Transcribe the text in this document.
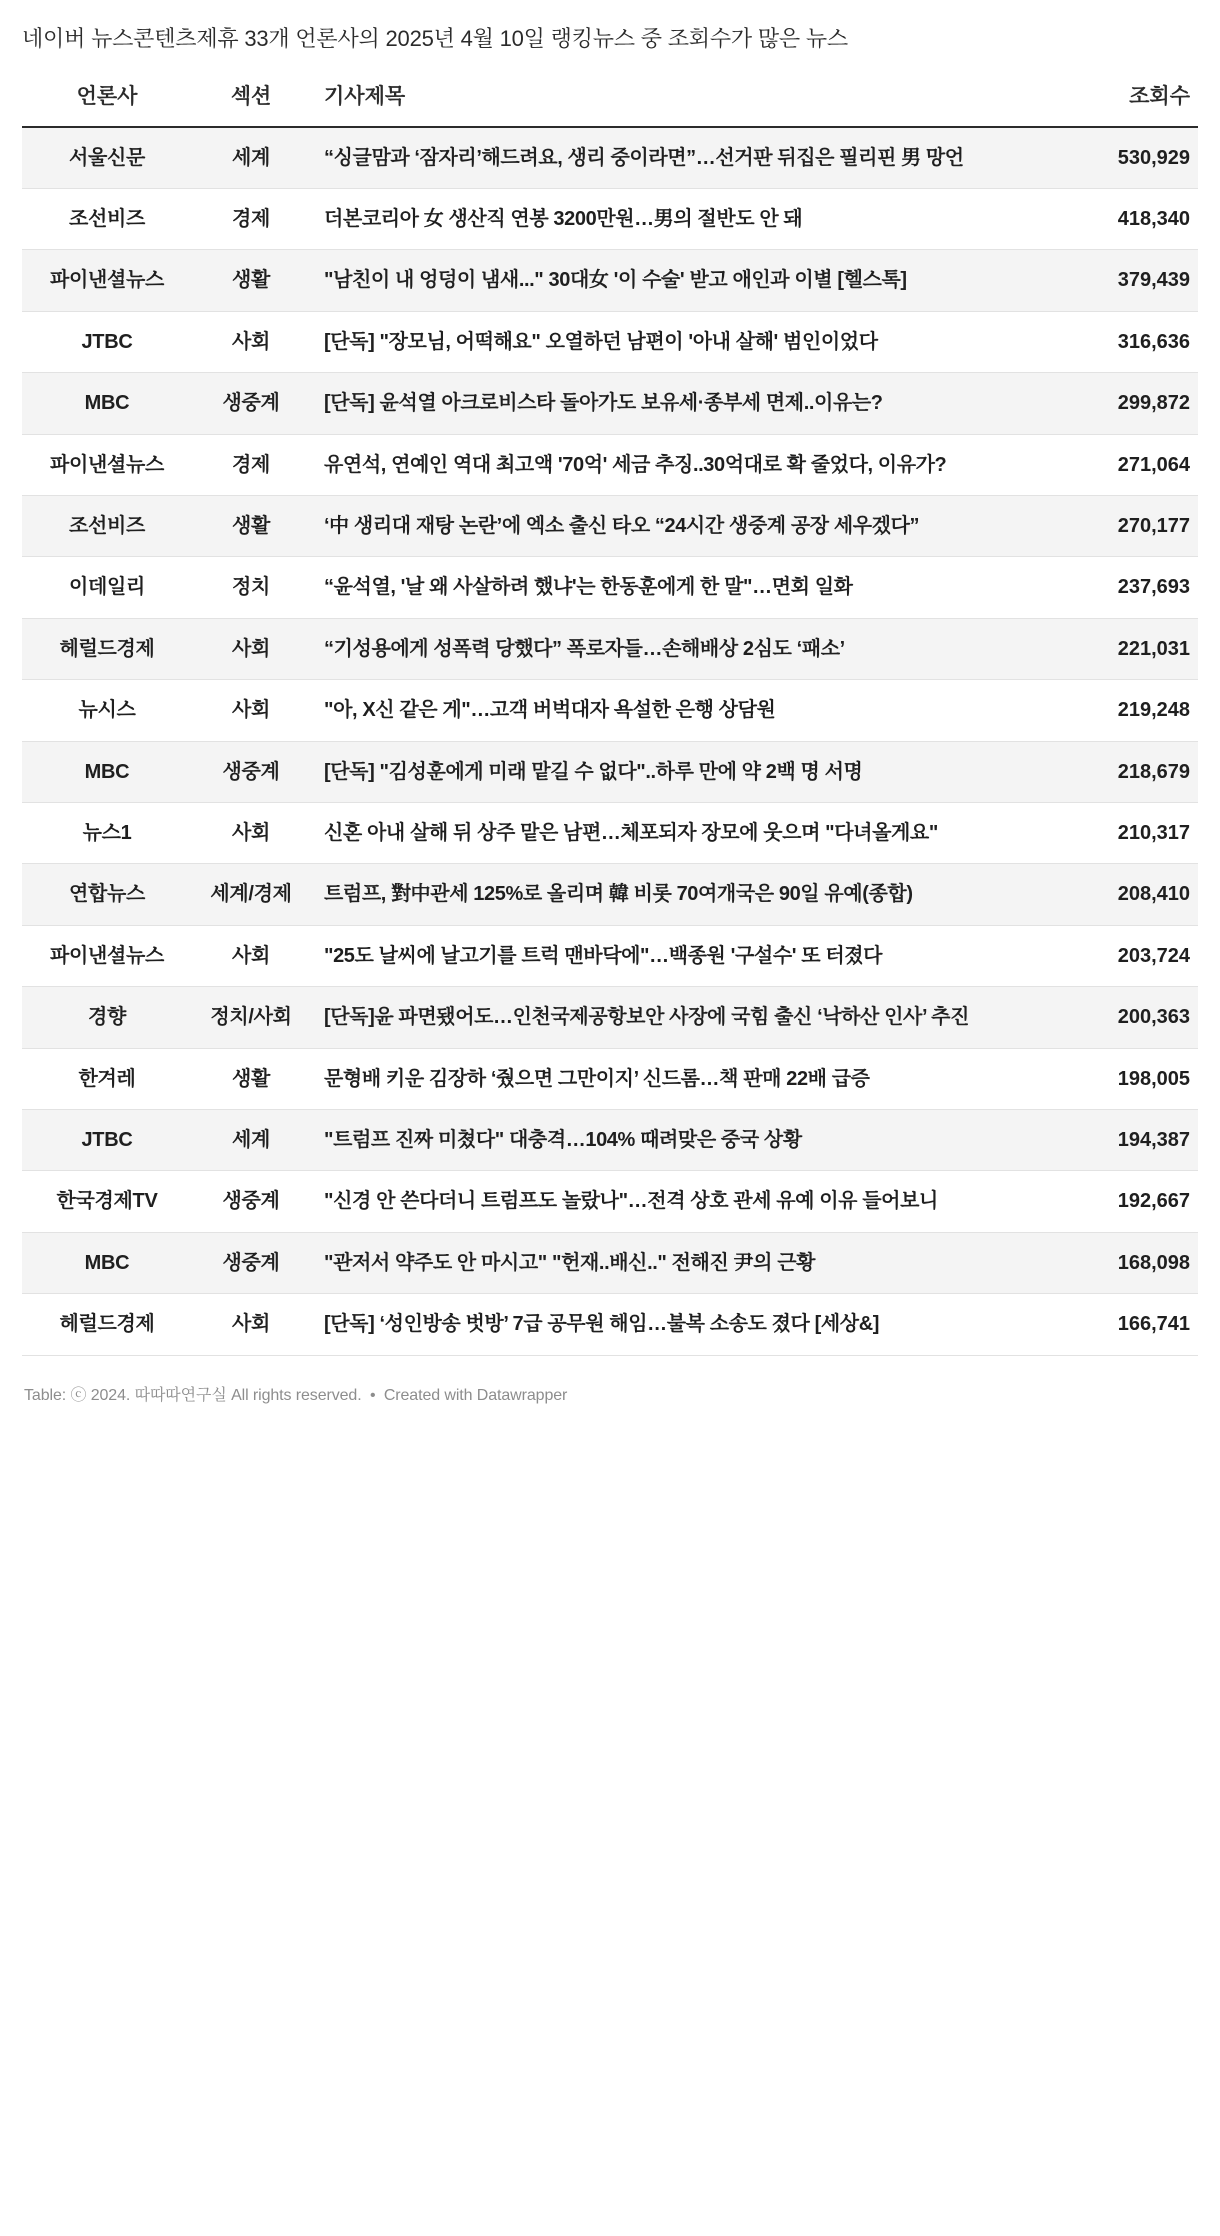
네이버 뉴스콘텐츠제휴 33개 언론사의 2025년 4월 10일 랭킹뉴스 중 조회수가 많은 뉴스
언론사	섹션	기사제목	조회수
서울신문	세계	“싱글맘과 ‘잠자리’해드려요, 생리 중이라면”…선거판 뒤집은 필리핀 男 망언	530,929
조선비즈	경제	더본코리아 女 생산직 연봉 3200만원…男의 절반도 안 돼	418,340
파이낸셜뉴스	생활	"남친이 내 엉덩이 냄새..." 30대女 '이 수술' 받고 애인과 이별 [헬스톡]	379,439
JTBC	사회	[단독] "장모님, 어떡해요" 오열하던 남편이 '아내 살해' 범인이었다	316,636
MBC	생중계	[단독] 윤석열 아크로비스타 돌아가도 보유세·종부세 면제..이유는?	299,872
파이낸셜뉴스	경제	유연석, 연예인 역대 최고액 '70억' 세금 추징..30억대로 확 줄었다, 이유가?	271,064
조선비즈	생활	‘中 생리대 재탕 논란’에 엑소 출신 타오 “24시간 생중계 공장 세우겠다”	270,177
이데일리	정치	“윤석열, '날 왜 사살하려 했냐'는 한동훈에게 한 말"…면회 일화	237,693
헤럴드경제	사회	“기성용에게 성폭력 당했다” 폭로자들…손해배상 2심도 ‘패소’	221,031
뉴시스	사회	"아, X신 같은 게"…고객 버벅대자 욕설한 은행 상담원	219,248
MBC	생중계	[단독] "김성훈에게 미래 맡길 수 없다"..하루 만에 약 2백 명 서명	218,679
뉴스1	사회	신혼 아내 살해 뒤 상주 맡은 남편…체포되자 장모에 웃으며 "다녀올게요"	210,317
연합뉴스	세계/경제	트럼프, 對中관세 125%로 올리며 韓 비롯 70여개국은 90일 유예(종합)	208,410
파이낸셜뉴스	사회	"25도 날씨에 날고기를 트럭 맨바닥에"…백종원 '구설수' 또 터졌다	203,724
경향	정치/사회	[단독]윤 파면됐어도…인천국제공항보안 사장에 국힘 출신 ‘낙하산 인사’ 추진	200,363
한겨레	생활	문형배 키운 김장하 ‘줬으면 그만이지’ 신드롬…책 판매 22배 급증	198,005
JTBC	세계	"트럼프 진짜 미쳤다" 대충격…104% 때려맞은 중국 상황	194,387
한국경제TV	생중계	"신경 안 쓴다더니 트럼프도 놀랐나"…전격 상호 관세 유예 이유 들어보니	192,667
MBC	생중계	"관저서 약주도 안 마시고" "헌재..배신.." 전해진 尹의 근황	168,098
헤럴드경제	사회	[단독] ‘성인방송 벗방’ 7급 공무원 해임…불복 소송도 졌다 [세상&]	166,741
Table: ⓒ 2024. 따따따연구실 All rights reserved. • Created with Datawrapper
